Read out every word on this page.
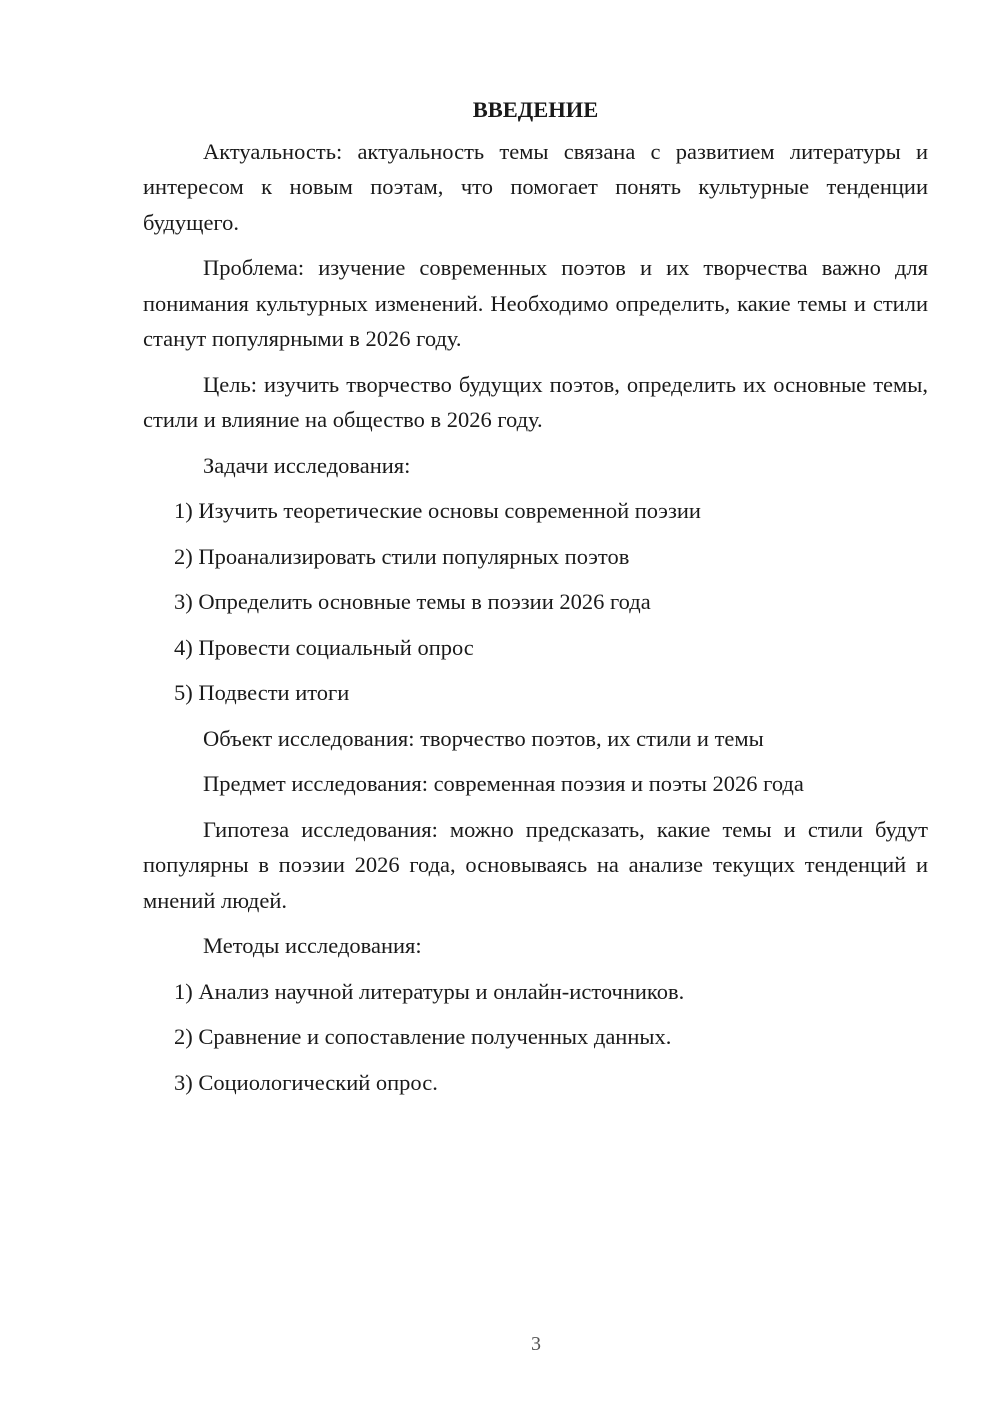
ВВЕДЕНИЕ

Актуальность: актуальность темы связана с развитием литературы и интересом к новым поэтам, что помогает понять культурные тенденции будущего.

Проблема: изучение современных поэтов и их творчества важно для понимания культурных изменений. Необходимо определить, какие темы и стили станут популярными в 2026 году.

Цель: изучить творчество будущих поэтов, определить их основные темы, стили и влияние на общество в 2026 году.

Задачи исследования:

1) Изучить теоретические основы современной поэзии

2) Проанализировать стили популярных поэтов

3) Определить основные темы в поэзии 2026 года

4) Провести социальный опрос

5) Подвести итоги

Объект исследования: творчество поэтов, их стили и темы

Предмет исследования: современная поэзия и поэты 2026 года

Гипотеза исследования: можно предсказать, какие темы и стили будут популярны в поэзии 2026 года, основываясь на анализе текущих тенденций и мнений людей.

Методы исследования:

1) Анализ научной литературы и онлайн-источников.

2) Сравнение и сопоставление полученных данных.

3) Социологический опрос.

3
